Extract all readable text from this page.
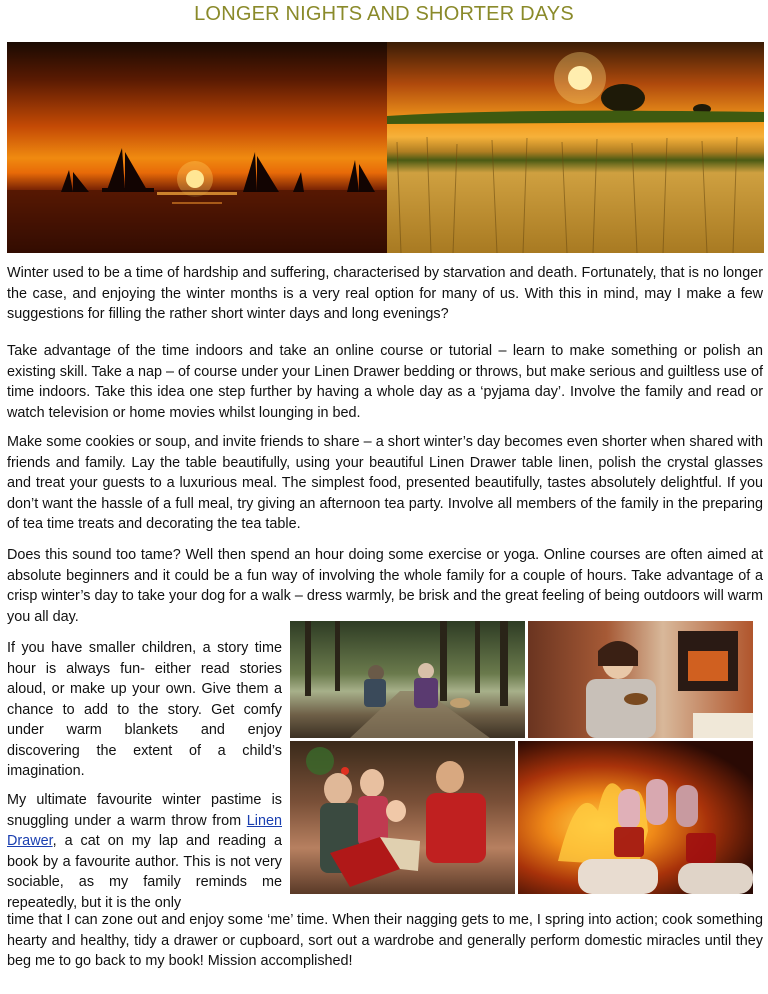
LONGER NIGHTS AND SHORTER DAYS

Winter used to be a time of hardship and suffering, characterised by starvation and death. Fortunately, that is no longer the case, and enjoying the winter months is a very real option for many of us. With this in mind, may I make a few suggestions for filling the rather short winter days and long evenings?

Take advantage of the time indoors and take an online course or tutorial – learn to make something or polish an existing skill. Take a nap – of course under your Linen Drawer bedding or throws, but make serious and guiltless use of time indoors. Take this idea one step further by having a whole day as a ‘pyjama day’. Involve the family and read or watch television or home movies whilst lounging in bed.

Make some cookies or soup, and invite friends to share – a short winter’s day becomes even shorter when shared with friends and family. Lay the table beautifully, using your beautiful Linen Drawer table linen, polish the crystal glasses and treat your guests to a luxurious meal. The simplest food, presented beautifully, tastes absolutely delightful. If you don’t want the hassle of a full meal, try giving an afternoon tea party. Involve all members of the family in the preparing of tea time treats and decorating the tea table.

Does this sound too tame? Well then spend an hour doing some exercise or yoga. Online courses are often aimed at absolute beginners and it could be a fun way of involving the whole family for a couple of hours. Take advantage of a crisp winter’s day to take your dog for a walk – dress warmly, be brisk and the great feeling of being outdoors will warm you all day.

If you have smaller children, a story time hour is always fun- either read stories aloud, or make up your own. Give them a chance to add to the story. Get comfy under warm blankets and enjoy discovering the extent of a child’s imagination.

My ultimate favourite winter pastime is snuggling under a warm throw from Linen Drawer, a cat on my lap and reading a book by a favourite author. This is not very sociable, as my family reminds me repeatedly, but it is the only

time that I can zone out and enjoy some ‘me’ time. When their nagging gets to me, I spring into action; cook something hearty and healthy, tidy a drawer or cupboard, sort out a wardrobe and generally perform domestic miracles until they beg me to go back to my book! Mission accomplished!
